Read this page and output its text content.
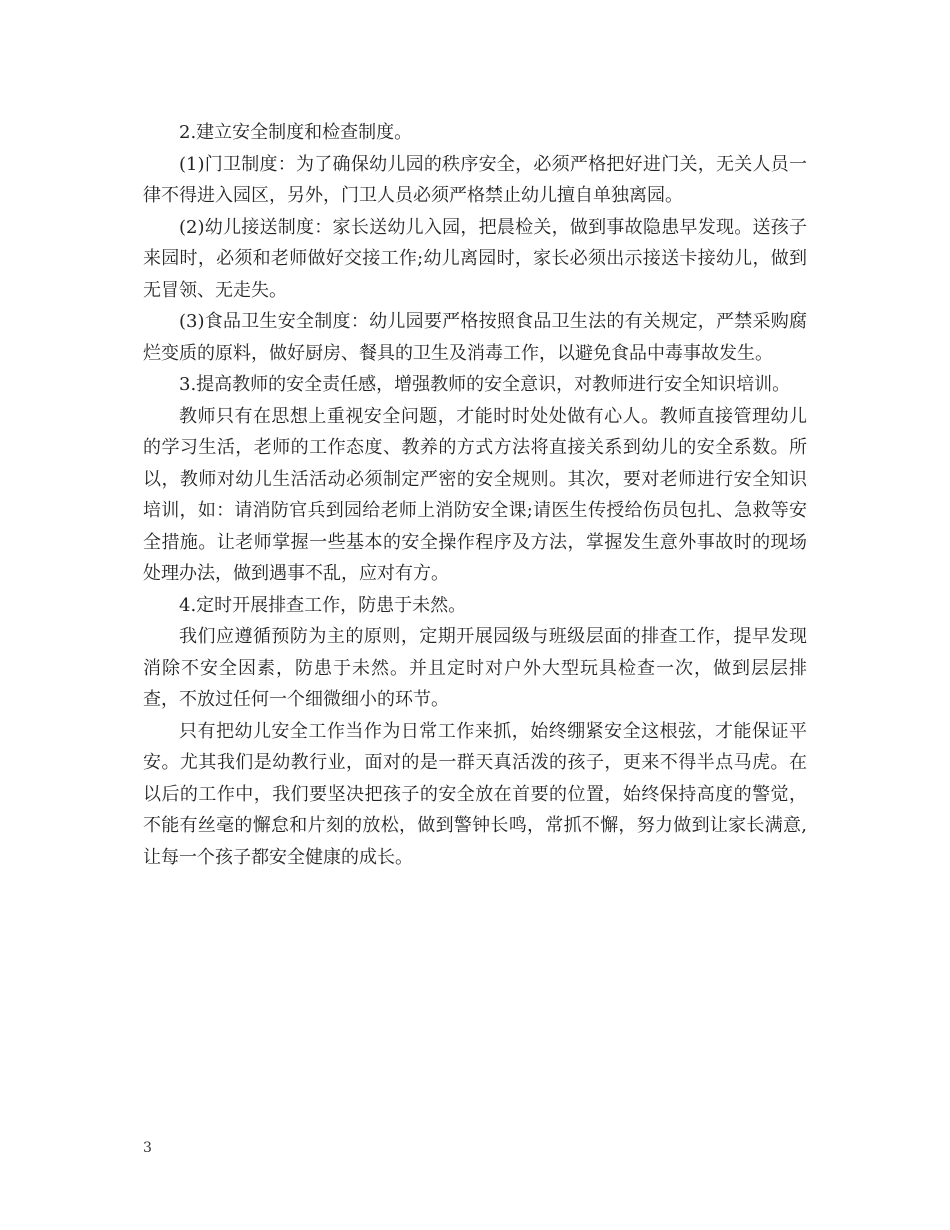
2.建立安全制度和检查制度。

(1)门卫制度：为了确保幼儿园的秩序安全，必须严格把好进门关，无关人员一律不得进入园区，另外，门卫人员必须严格禁止幼儿擅自单独离园。

(2)幼儿接送制度：家长送幼儿入园，把晨检关，做到事故隐患早发现。送孩子来园时，必须和老师做好交接工作;幼儿离园时，家长必须出示接送卡接幼儿，做到无冒领、无走失。

(3)食品卫生安全制度：幼儿园要严格按照食品卫生法的有关规定，严禁采购腐烂变质的原料，做好厨房、餐具的卫生及消毒工作，以避免食品中毒事故发生。

3.提高教师的安全责任感，增强教师的安全意识，对教师进行安全知识培训。

教师只有在思想上重视安全问题，才能时时处处做有心人。教师直接管理幼儿的学习生活，老师的工作态度、教养的方式方法将直接关系到幼儿的安全系数。所以，教师对幼儿生活活动必须制定严密的安全规则。其次，要对老师进行安全知识培训，如：请消防官兵到园给老师上消防安全课;请医生传授给伤员包扎、急救等安全措施。让老师掌握一些基本的安全操作程序及方法，掌握发生意外事故时的现场处理办法，做到遇事不乱，应对有方。

4.定时开展排查工作，防患于未然。

我们应遵循预防为主的原则，定期开展园级与班级层面的排查工作，提早发现消除不安全因素，防患于未然。并且定时对户外大型玩具检查一次，做到层层排查，不放过任何一个细微细小的环节。

只有把幼儿安全工作当作为日常工作来抓，始终绷紧安全这根弦，才能保证平安。尤其我们是幼教行业，面对的是一群天真活泼的孩子，更来不得半点马虎。在以后的工作中，我们要坚决把孩子的安全放在首要的位置，始终保持高度的警觉，不能有丝毫的懈怠和片刻的放松，做到警钟长鸣，常抓不懈，努力做到让家长满意,让每一个孩子都安全健康的成长。

3
